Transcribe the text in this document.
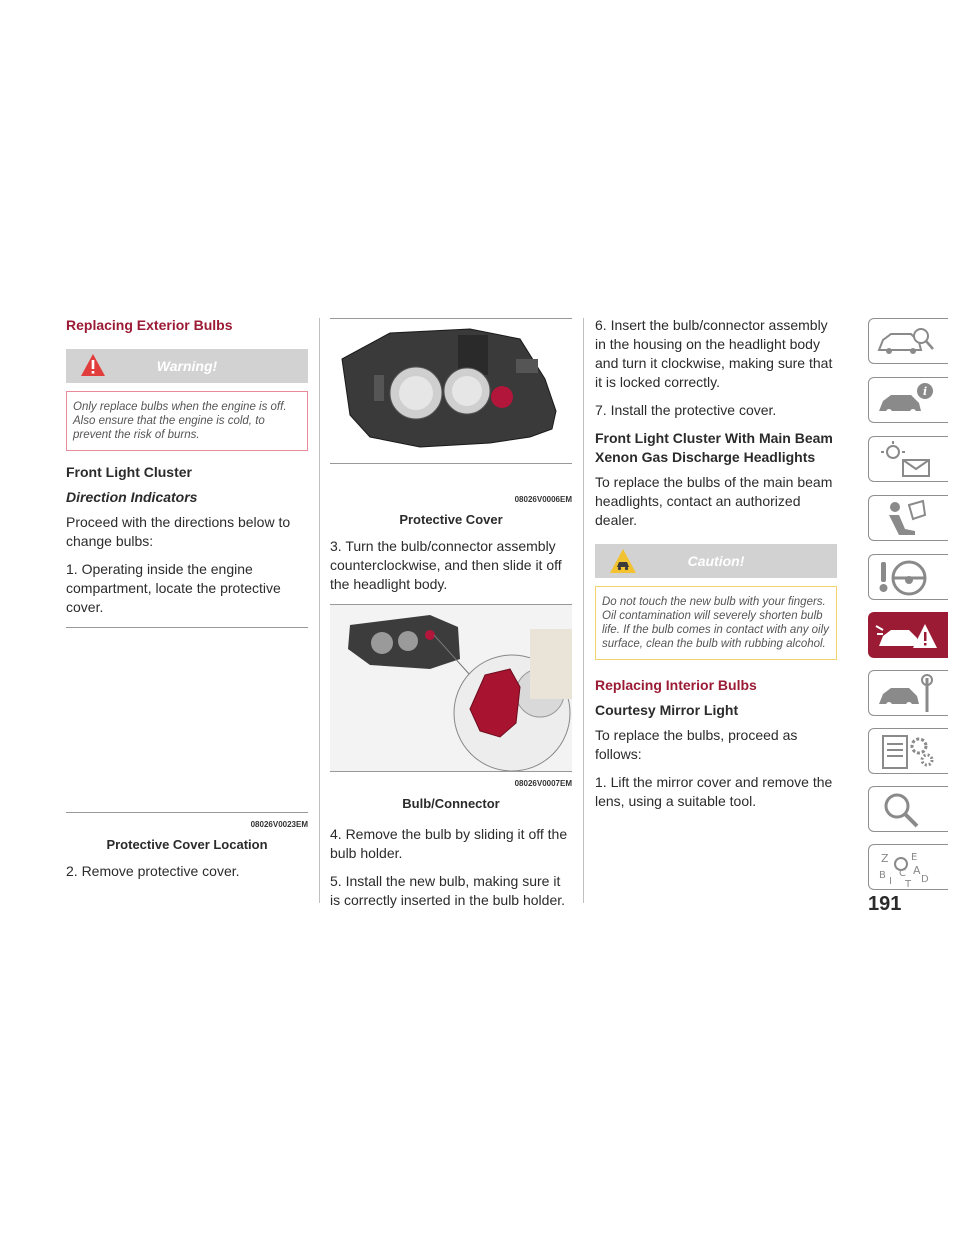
Replacing Exterior Bulbs
Warning!
Only replace bulbs when the engine is off. Also ensure that the engine is cold, to prevent the risk of burns.
Front Light Cluster
Direction Indicators

Proceed with the directions below to change bulbs:

1. Operating inside the engine compartment, locate the protective cover.

08026V0023EM
Protective Cover Location

2. Remove protective cover.

08026V0006EM
Protective Cover

3. Turn the bulb/connector assembly counterclockwise, and then slide it off the headlight body.

08026V0007EM
Bulb/Connector

4. Remove the bulb by sliding it off the bulb holder.

5. Install the new bulb, making sure it is correctly inserted in the bulb holder.

6. Insert the bulb/connector assembly in the housing on the headlight body and turn it clockwise, making sure that it is locked correctly.

7. Install the protective cover.

Front Light Cluster With Main Beam Xenon Gas Discharge Headlights

To replace the bulbs of the main beam headlights, contact an authorized dealer.

Caution!
Do not touch the new bulb with your fingers. Oil contamination will severely shorten bulb life. If the bulb comes in contact with any oily surface, clean the bulb with rubbing alcohol.
Replacing Interior Bulbs
Courtesy Mirror Light

To replace the bulbs, proceed as follows:

1. Lift the mirror cover and remove the lens, using a suitable tool.

i
Z E
B A
I
C
T D
191
